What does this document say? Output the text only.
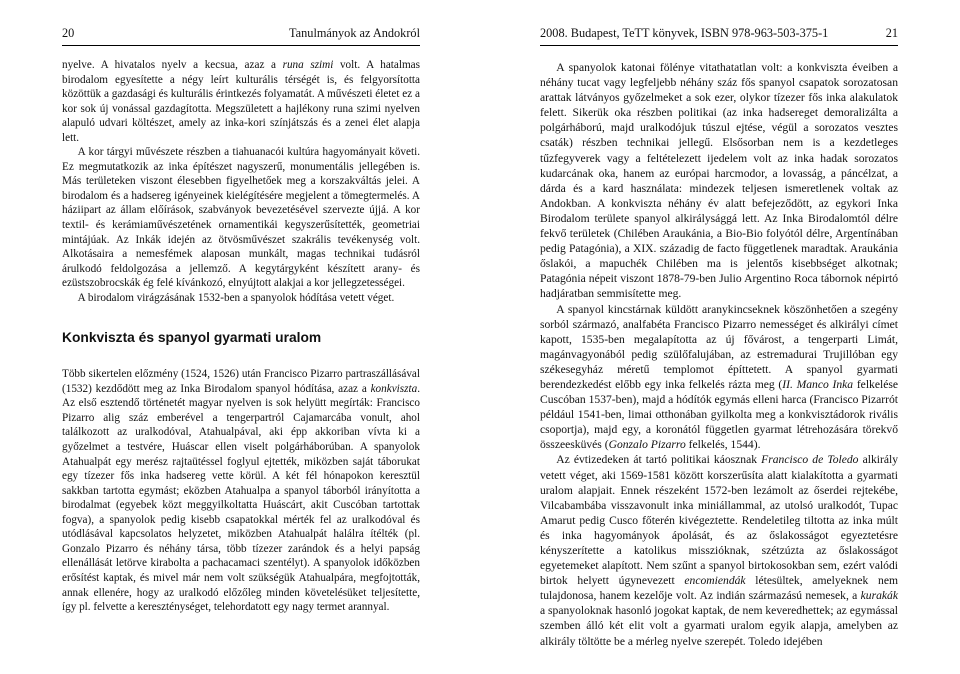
20	Tanulmányok az Andokról

nyelve. A hivatalos nyelv a kecsua, azaz a runa szimi volt. A hatalmas birodalom egyesítette a négy leírt kulturális térségét is, és felgyorsította közöttük a gazdasági és kulturális érintkezés folyamatát. A művészeti életet ez a kor sok új vonással gazdagította. Megszületett a hajlékony runa szimi nyelven alapuló udvari költészet, amely az inka-kori színjátszás és a zenei élet alapja lett.

A kor tárgyi művészete részben a tiahuanacói kultúra hagyományait követi. Ez megmutatkozik az inka építészet nagyszerű, monumentális jellegében is. Más területeken viszont élesebben figyelhetőek meg a korszakváltás jelei. A birodalom és a hadsereg igényeinek kielégítésére megjelent a tömegtermelés. A háziipart az állam előírások, szabványok bevezetésével szervezte újjá. A kor textil- és kerámiaművészetének ornamentikái kegyszerűsítették, geometriai mintájúak. Az Inkák idején az ötvösművészet szakrális tevékenység volt. Alkotásaira a nemesfémek alaposan munkált, magas technikai tudásról árulkodó feldolgozása a jellemző. A kegytárgyként készített arany- és ezüstszobrocskák ég felé kívánkozó, elnyújtott alakjai a kor jellegzetességei.

A birodalom virágzásának 1532-ben a spanyolok hódítása vetett véget.

Konkviszta és spanyol gyarmati uralom

Több sikertelen előzmény (1524, 1526) után Francisco Pizarro partraszállásával (1532) kezdődött meg az Inka Birodalom spanyol hódítása, azaz a konkviszta. Az első esztendő történetét magyar nyelven is sok helyütt megírták: Francisco Pizarro alig száz emberével a tengerpartról Cajamarcába vonult, ahol találkozott az uralkodóval, Atahualpával, aki épp akkoriban vívta ki a győzelmet a testvére, Huáscar ellen viselt polgárháborúban. A spanyolok Atahualpát egy merész rajtaütéssel foglyul ejtették, miközben saját táborukat egy tízezer fős inka hadsereg vette körül. A két fél hónapokon keresztül sakkban tartotta egymást; eközben Atahualpa a spanyol táborból irányította a birodalmat (egyebek közt meggyilkoltatta Huáscárt, akit Cuscóban tartottak fogva), a spanyolok pedig kisebb csapatokkal mérték fel az uralkodóval és utódlásával kapcsolatos helyzetet, miközben Atahualpát halálra ítélték (pl. Gonzalo Pizarro és néhány társa, több tízezer zarándok és a helyi papság ellenállását letörve kirabolta a pachacamaci szentélyt). A spanyolok időközben erősítést kaptak, és mivel már nem volt szükségük Atahualpára, megfojtották, annak ellenére, hogy az uralkodó előzőleg minden követelésüket teljesítette, így pl. felvette a kereszténységet, telehordatott egy nagy termet arannyal.

2008. Budapest, TeTT könyvek, ISBN 978-963-503-375-1	21

A spanyolok katonai fölénye vitathatatlan volt: a konkviszta éveiben a néhány tucat vagy legfeljebb néhány száz fős spanyol csapatok sorozatosan arattak látványos győzelmeket a sok ezer, olykor tízezer fős inka alakulatok felett. Sikerük oka részben politikai (az inka hadsereget demoralizálta a polgárháború, majd uralkodójuk túszul ejtése, végül a sorozatos vesztes csaták) részben technikai jellegű. Elsősorban nem is a kezdetleges tűzfegyverek vagy a feltételezett ijedelem volt az inka hadak sorozatos kudarcának oka, hanem az európai harcmodor, a lovasság, a páncélzat, a dárda és a kard használata: mindezek teljesen ismeretlenek voltak az Andokban. A konkviszta néhány év alatt befejeződött, az egykori Inka Birodalom területe spanyol alkirálysággá lett. Az Inka Birodalomtól délre fekvő területek (Chilében Araukánia, a Bio-Bio folyótól délre, Argentínában pedig Patagónia), a XIX. századig de facto függetlenek maradtak. Araukánia őslakói, a mapuchék Chilében ma is jelentős kisebbséget alkotnak; Patagónia népeit viszont 1878-79-ben Julio Argentino Roca tábornok népirtó hadjáratban semmisítette meg.

A spanyol kincstárnak küldött aranykincseknek köszönhetően a szegény sorból származó, analfabéta Francisco Pizarro nemességet és alkirályi címet kapott, 1535-ben megalapította az új fővárost, a tengerparti Limát, magánvagyonából pedig szülőfalujában, az estremadurai Trujillóban egy székesegyház méretű templomot építtetett. A spanyol gyarmati berendezkedést előbb egy inka felkelés rázta meg (II. Manco Inka felkelése Cuscóban 1537-ben), majd a hódítók egymás elleni harca (Francisco Pizarrót például 1541-ben, limai otthonában gyilkolta meg a konkvisztádorok rivális csoportja), majd egy, a koronától független gyarmat létrehozására törekvő összeesküvés (Gonzalo Pizarro felkelés, 1544).

Az évtizedeken át tartó politikai káosznak Francisco de Toledo alkirály vetett véget, aki 1569-1581 között korszerűsíta alatt kialakította a gyarmati uralom alapjait. Ennek részeként 1572-ben lezámolt az őserdei rejtekébe, Vilcabambába visszavonult inka miniállammal, az utolsó uralkodót, Tupac Amarut pedig Cusco főterén kivégeztette. Rendeletileg tiltotta az inka múlt és inka hagyományok ápolását, és az őslakosságot egyeztetésre kényszerítette a katolikus misszióknak, szétzúzta az őslakosságot egyetemeket alapított. Nem szűnt a spanyol birtokosokban sem, ezért valódi birtok helyett úgynevezett encomiendák létesültek, amelyeknek nem tulajdonosa, hanem kezelője volt. Az indián származású nemesek, a kurakák a spanyoloknak hasonló jogokat kaptak, de nem keveredhettek; az egymással szemben álló két elit volt a gyarmati uralom egyik alapja, amelyben az alkirály töltötte be a mérleg nyelve szerepét. Toledo idejében
